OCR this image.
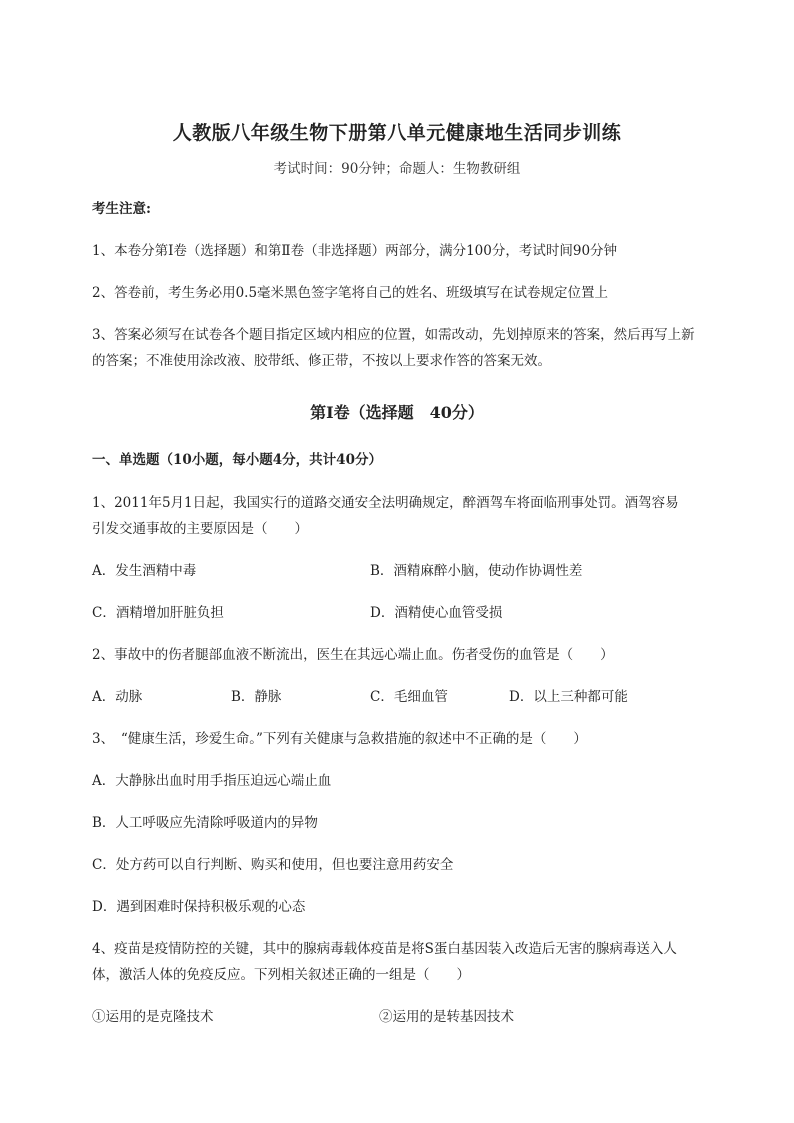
人教版八年级生物下册第八单元健康地生活同步训练
考试时间：90分钟；命题人：生物教研组
考生注意:
1、本卷分第Ⅰ卷（选择题）和第Ⅱ卷（非选择题）两部分，满分100分，考试时间90分钟
2、答卷前，考生务必用0.5毫米黑色签字笔将自己的姓名、班级填写在试卷规定位置上
3、答案必须写在试卷各个题目指定区域内相应的位置，如需改动，先划掉原来的答案，然后再写上新
的答案；不准使用涂改液、胶带纸、修正带，不按以上要求作答的答案无效。
第Ⅰ卷（选择题　40分）
一、单选题（10小题，每小题4分，共计40分）
1、2011年5月1日起，我国实行的道路交通安全法明确规定，醉酒驾车将面临刑事处罚。酒驾容易
引发交通事故的主要原因是（　　）
A．发生酒精中毒	B．酒精麻醉小脑，使动作协调性差
C．酒精增加肝脏负担	D．酒精使心血管受损
2、事故中的伤者腿部血液不断流出，医生在其远心端止血。伤者受伤的血管是（　　）
A．动脉	B．静脉	C．毛细血管	D．以上三种都可能
3、　“健康生活，珍爱生命。”下列有关健康与急救措施的叙述中不正确的是（　　）
A．大静脉出血时用手指压迫远心端止血
B．人工呼吸应先清除呼吸道内的异物
C．处方药可以自行判断、购买和使用，但也要注意用药安全
D．遇到困难时保持积极乐观的心态
4、疫苗是疫情防控的关键，其中的腺病毒载体疫苗是将S蛋白基因装入改造后无害的腺病毒送入人
体，激活人体的免疫反应。下列相关叙述正确的一组是（　　）
①运用的是克隆技术	②运用的是转基因技术
